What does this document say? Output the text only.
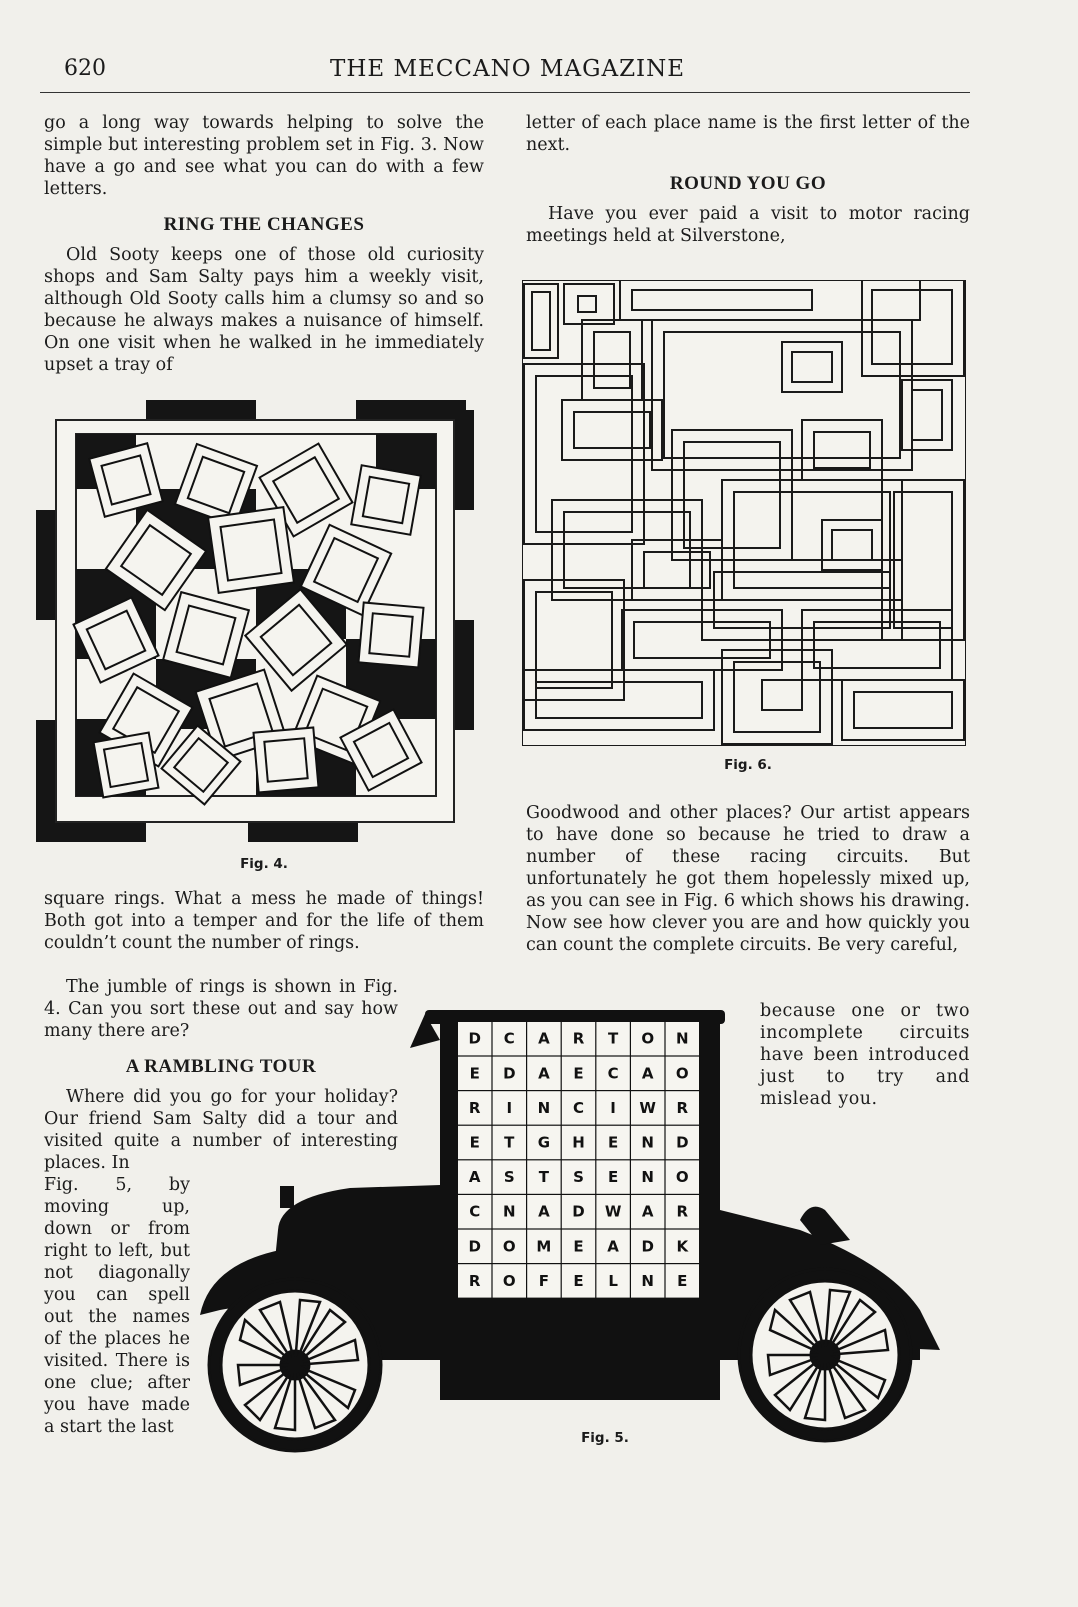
620	THE MECCANO MAGAZINE

go a long way towards helping to solve the simple but interesting problem set in Fig. 3. Now have a go and see what you can do with a few letters.

RING THE CHANGES

Old Sooty keeps one of those old curiosity shops and Sam Salty pays him a weekly visit, although Old Sooty calls him a clumsy so and so because he always makes a nuisance of himself. On one visit when he walked in he immediately upset a tray of

Fig. 4.

square rings. What a mess he made of things! Both got into a temper and for the life of them couldn’t count the number of rings.

The jumble of rings is shown in Fig. 4. Can you sort these out and say how many there are?

A RAMBLING TOUR

Where did you go for your holiday? Our friend Sam Salty did a tour and visited quite a number of interesting places. In

Fig. 5, by moving up, down or from right to left, but not diagonally you can spell out the names of the places he visited. There is one clue; after you have made a start the last

letter of each place name is the first letter of the next.

ROUND YOU GO

Have you ever paid a visit to motor racing meetings held at Silverstone,

Fig. 6.

Goodwood and other places? Our artist appears to have done so because he tried to draw a number of these racing circuits. But unfortunately he got them hopelessly mixed up, as you can see in Fig. 6 which shows his drawing. Now see how clever you are and how quickly you can count the complete circuits. Be very careful,

because one or two incomplete circuits have been introduced just to try and mislead you.

D C A R T O N
E D A E C A O
R I N C I W R
E T G H E N D
A S T S E N O
C N A D W A R
D O M E A D K
R O F E L N E
Fig. 5.
